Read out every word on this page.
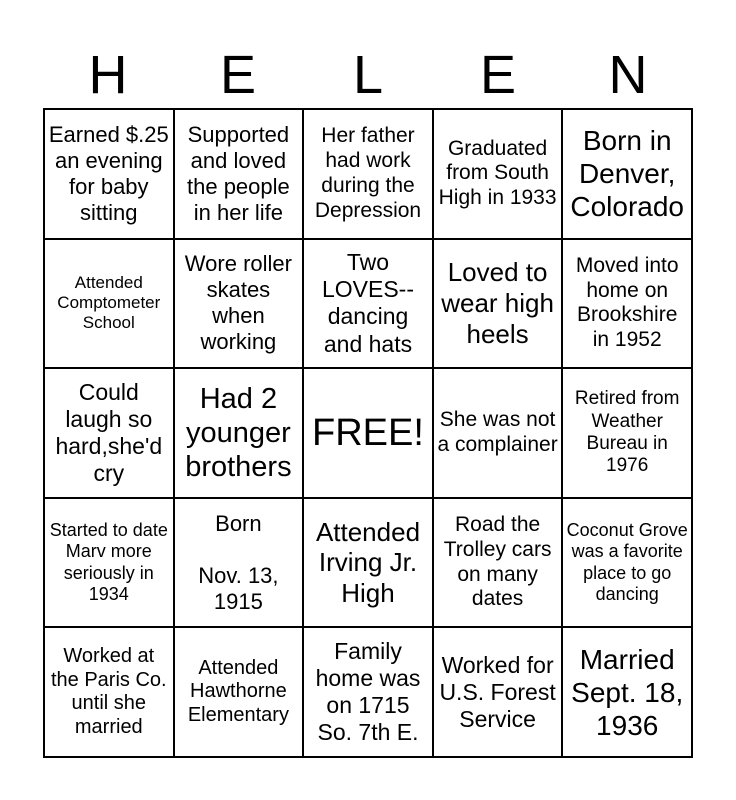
H	E	L	E	N
Earned $.25 an evening for baby sitting
Supported and loved the people in her life
Her father had work during the Depression
Graduated from South High in 1933
Born in Denver, Colorado
Attended Comptometer School
Wore roller skates when working
Two LOVES-- dancing and hats
Loved to wear high heels
Moved into home on Brookshire in 1952
Could laugh so hard,she'd cry
Had 2 younger brothers
FREE! She was not a complainer
Retired from Weather Bureau in 1976
Started to date Marv more seriously in 1934
Born

Nov. 13, 1915
Attended Irving Jr. High
Road the Trolley cars on many dates
Coconut Grove was a favorite place to go dancing
Worked at the Paris Co. until she married
Attended Hawthorne Elementary
Family home was on 1715 So. 7th E.
Worked for U.S. Forest Service
Married Sept. 18, 1936
